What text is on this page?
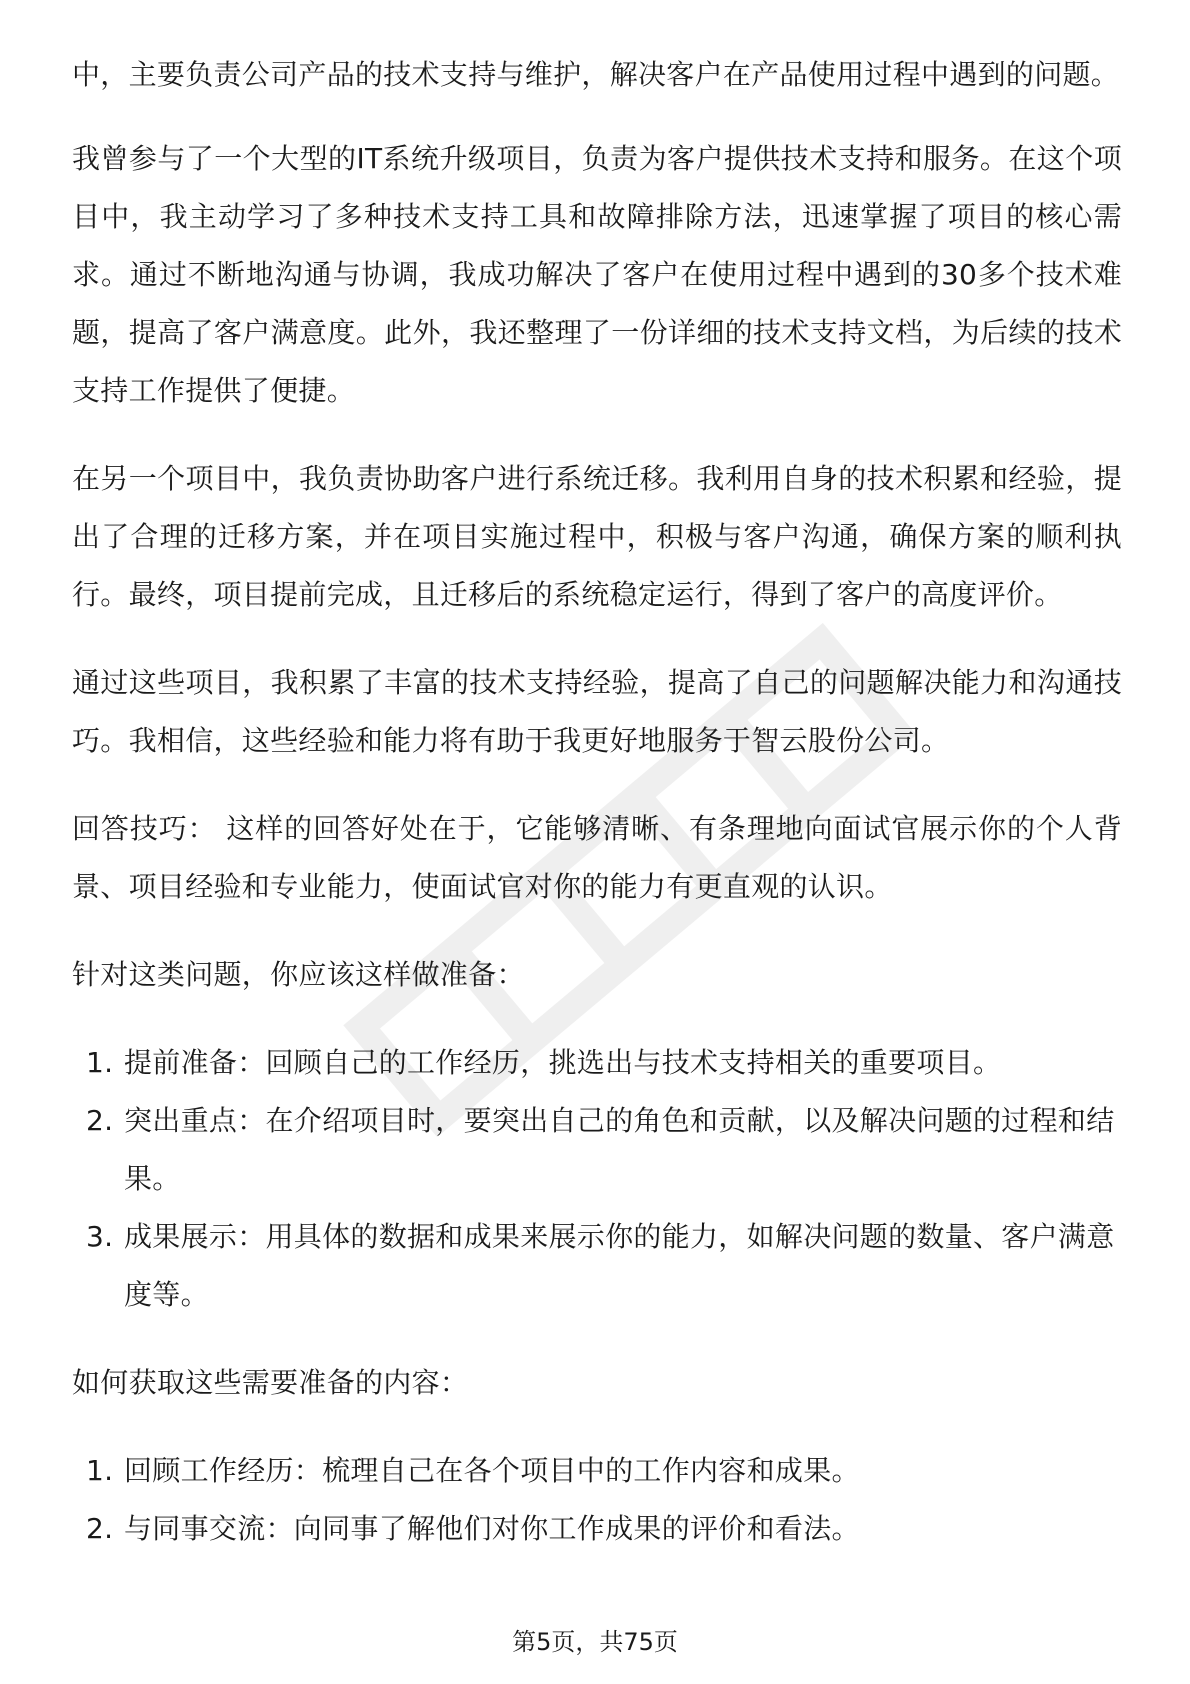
中，主要负责公司产品的技术支持与维护，解决客户在产品使用过程中遇到的问题。

我曾参与了一个大型的IT系统升级项目，负责为客户提供技术支持和服务。在这个项目中，我主动学习了多种技术支持工具和故障排除方法，迅速掌握了项目的核心需求。通过不断地沟通与协调，我成功解决了客户在使用过程中遇到的30多个技术难题，提高了客户满意度。此外，我还整理了一份详细的技术支持文档，为后续的技术支持工作提供了便捷。

在另一个项目中，我负责协助客户进行系统迁移。我利用自身的技术积累和经验，提出了合理的迁移方案，并在项目实施过程中，积极与客户沟通，确保方案的顺利执行。最终，项目提前完成，且迁移后的系统稳定运行，得到了客户的高度评价。

通过这些项目，我积累了丰富的技术支持经验，提高了自己的问题解决能力和沟通技巧。我相信，这些经验和能力将有助于我更好地服务于智云股份公司。

回答技巧： 这样的回答好处在于，它能够清晰、有条理地向面试官展示你的个人背景、项目经验和专业能力，使面试官对你的能力有更直观的认识。

针对这类问题，你应该这样做准备：

1. 提前准备：回顾自己的工作经历，挑选出与技术支持相关的重要项目。
2. 突出重点：在介绍项目时，要突出自己的角色和贡献，以及解决问题的过程和结果。
3. 成果展示：用具体的数据和成果来展示你的能力，如解决问题的数量、客户满意度等。

如何获取这些需要准备的内容：

1. 回顾工作经历：梳理自己在各个项目中的工作内容和成果。
2. 与同事交流：向同事了解他们对你工作成果的评价和看法。
第5页，共75页
